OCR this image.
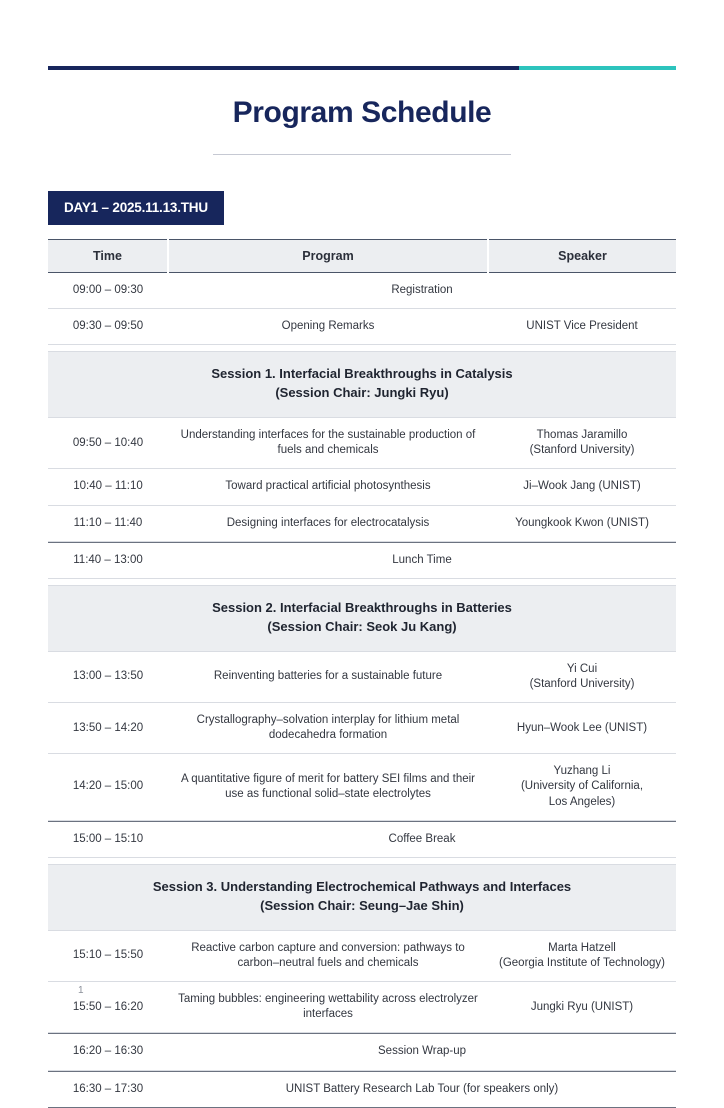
Program Schedule
DAY1 – 2025.11.13.THU
Time	Program	Speaker
09:00 – 09:30	Registration	
09:30 – 09:50	Opening Remarks	UNIST Vice President

Session 1. Interfacial Breakthroughs in Catalysis
(Session Chair: Jungki Ryu)		
09:50 – 10:40	Understanding interfaces for the sustainable production of fuels and chemicals	Thomas Jaramillo
(Stanford University)
10:40 – 11:10	Toward practical artificial photosynthesis	Ji–Wook Jang (UNIST)
11:10 – 11:40	Designing interfaces for electrocatalysis	Youngkook Kwon (UNIST)

11:40 – 13:00	Lunch Time	

Session 2. Interfacial Breakthroughs in Batteries
(Session Chair: Seok Ju Kang)		
13:00 – 13:50	Reinventing batteries for a sustainable future	Yi Cui
(Stanford University)
13:50 – 14:20	Crystallography–solvation interplay for lithium metal dodecahedra formation	Hyun–Wook Lee (UNIST)
14:20 – 15:00	A quantitative figure of merit for battery SEI films and their use as functional solid–state electrolytes	Yuzhang Li
(University of California,
Los Angeles)

15:00 – 15:10	Coffee Break	

Session 3. Understanding Electrochemical Pathways and Interfaces
(Session Chair: Seung–Jae Shin)		
15:10 – 15:50	Reactive carbon capture and conversion: pathways to carbon–neutral fuels and chemicals	Marta Hatzell
(Georgia Institute of Technology)
15:50 – 16:20	Taming bubbles: engineering wettability across electrolyzer interfaces	Jungki Ryu (UNIST)

16:20 – 16:30	Session Wrap-up	

16:30 – 17:30	UNIST Battery Research Lab Tour (for speakers only)	
1
